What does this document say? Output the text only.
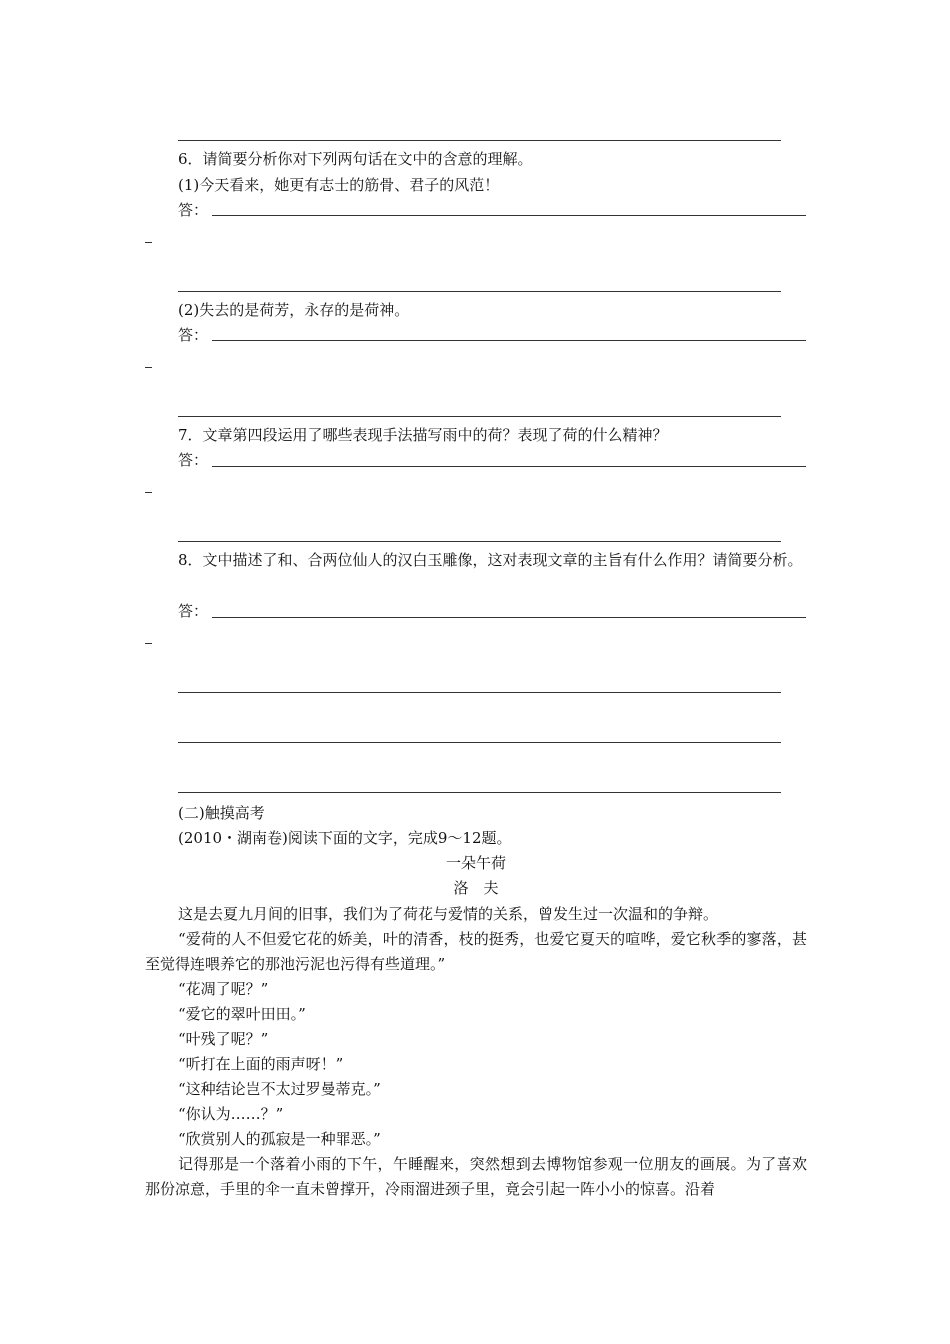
6．请简要分析你对下列两句话在文中的含意的理解。
(1)今天看来，她更有志士的筋骨、君子的风范！
答：
(2)失去的是荷芳，永存的是荷神。
答：
7．文章第四段运用了哪些表现手法描写雨中的荷？表现了荷的什么精神？
答：
8．文中描述了和、合两位仙人的汉白玉雕像，这对表现文章的主旨有什么作用？请简要分析。
答：
(二)触摸高考
(2010・湖南卷)阅读下面的文字，完成9～12题。
一朵午荷
洛　夫
这是去夏九月间的旧事，我们为了荷花与爱情的关系，曾发生过一次温和的争辩。
“爱荷的人不但爱它花的娇美，叶的清香，枝的挺秀，也爱它夏天的喧哗，爱它秋季的寥落，甚至觉得连喂养它的那池污泥也污得有些道理。”
“花凋了呢？”
“爱它的翠叶田田。”
“叶残了呢？”
“听打在上面的雨声呀！”
“这种结论岂不太过罗曼蒂克。”
“你认为……？”
“欣赏别人的孤寂是一种罪恶。”
记得那是一个落着小雨的下午，午睡醒来，突然想到去博物馆参观一位朋友的画展。为了喜欢那份凉意，手里的伞一直未曾撑开，冷雨溜进颈子里，竟会引起一阵小小的惊喜。沿着
